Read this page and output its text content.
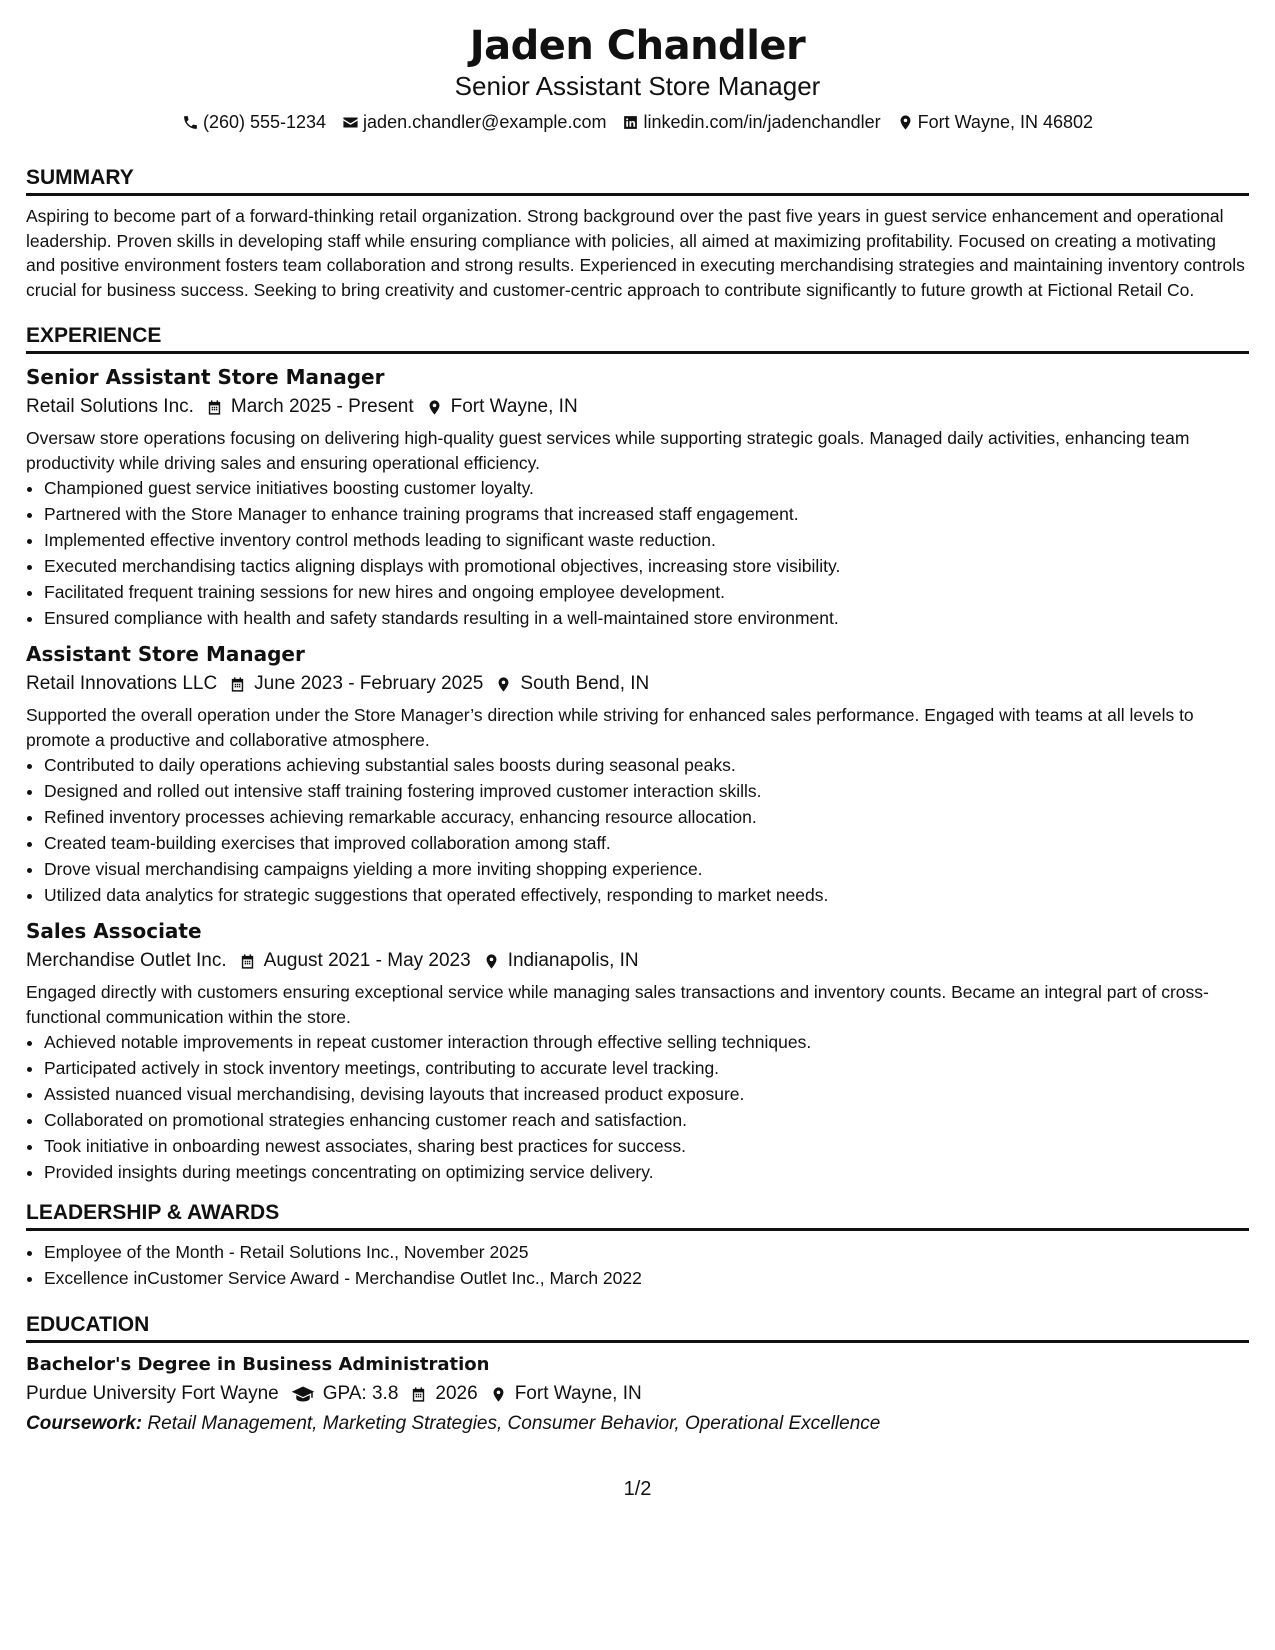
Jaden Chandler
Senior Assistant Store Manager
(260) 555-1234 jaden.chandler@example.com linkedin.com/in/jadenchandler Fort Wayne, IN 46802
SUMMARY

Aspiring to become part of a forward-thinking retail organization. Strong background over the past five years in guest service enhancement and operational leadership. Proven skills in developing staff while ensuring compliance with policies, all aimed at maximizing profitability. Focused on creating a motivating and positive environment fosters team collaboration and strong results. Experienced in executing merchandising strategies and maintaining inventory controls crucial for business success. Seeking to bring creativity and customer-centric approach to contribute significantly to future growth at Fictional Retail Co.

EXPERIENCE
Senior Assistant Store Manager
Retail Solutions Inc. March 2025 - Present Fort Wayne, IN

Oversaw store operations focusing on delivering high-quality guest services while supporting strategic goals. Managed daily activities, enhancing team productivity while driving sales and ensuring operational efficiency.

• Championed guest service initiatives boosting customer loyalty.
• Partnered with the Store Manager to enhance training programs that increased staff engagement.
• Implemented effective inventory control methods leading to significant waste reduction.
• Executed merchandising tactics aligning displays with promotional objectives, increasing store visibility.
• Facilitated frequent training sessions for new hires and ongoing employee development.
• Ensured compliance with health and safety standards resulting in a well-maintained store environment.
Assistant Store Manager
Retail Innovations LLC June 2023 - February 2025 South Bend, IN

Supported the overall operation under the Store Manager’s direction while striving for enhanced sales performance. Engaged with teams at all levels to promote a productive and collaborative atmosphere.

• Contributed to daily operations achieving substantial sales boosts during seasonal peaks.
• Designed and rolled out intensive staff training fostering improved customer interaction skills.
• Refined inventory processes achieving remarkable accuracy, enhancing resource allocation.
• Created team-building exercises that improved collaboration among staff.
• Drove visual merchandising campaigns yielding a more inviting shopping experience.
• Utilized data analytics for strategic suggestions that operated effectively, responding to market needs.
Sales Associate
Merchandise Outlet Inc. August 2021 - May 2023 Indianapolis, IN

Engaged directly with customers ensuring exceptional service while managing sales transactions and inventory counts. Became an integral part of cross-functional communication within the store.

• Achieved notable improvements in repeat customer interaction through effective selling techniques.
• Participated actively in stock inventory meetings, contributing to accurate level tracking.
• Assisted nuanced visual merchandising, devising layouts that increased product exposure.
• Collaborated on promotional strategies enhancing customer reach and satisfaction.
• Took initiative in onboarding newest associates, sharing best practices for success.
• Provided insights during meetings concentrating on optimizing service delivery.
LEADERSHIP & AWARDS
• Employee of the Month - Retail Solutions Inc., November 2025
• Excellence inCustomer Service Award - Merchandise Outlet Inc., March 2022
EDUCATION
Bachelor's Degree in Business Administration
Purdue University Fort Wayne GPA: 3.8 2026 Fort Wayne, IN
Coursework: Retail Management, Marketing Strategies, Consumer Behavior, Operational Excellence
1/2
